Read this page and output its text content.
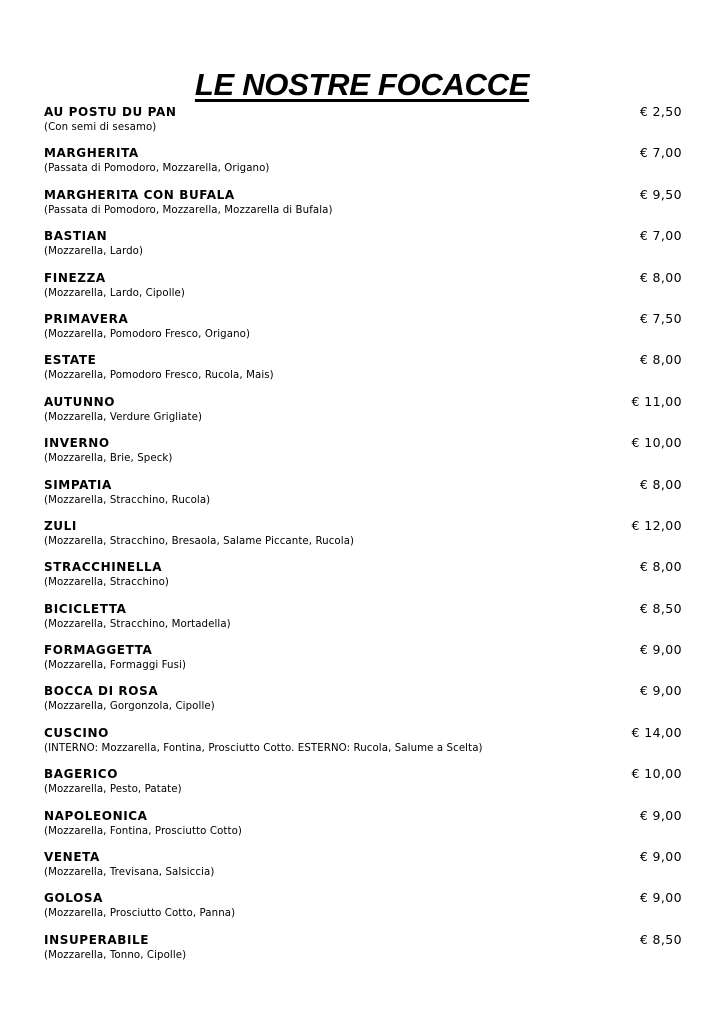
LE NOSTRE FOCACCE
AU POSTU DU PAN
(Con semi di sesamo)
€ 2,50
MARGHERITA
(Passata di Pomodoro, Mozzarella, Origano)
€ 7,00
MARGHERITA CON BUFALA
(Passata di Pomodoro, Mozzarella, Mozzarella di Bufala)
€ 9,50
BASTIAN
(Mozzarella, Lardo)
€ 7,00
FINEZZA
(Mozzarella, Lardo, Cipolle)
€ 8,00
PRIMAVERA
(Mozzarella, Pomodoro Fresco, Origano)
€ 7,50
ESTATE
(Mozzarella, Pomodoro Fresco, Rucola, Mais)
€ 8,00
AUTUNNO
(Mozzarella, Verdure Grigliate)
€ 11,00
INVERNO
(Mozzarella, Brie, Speck)
€ 10,00
SIMPATIA
(Mozzarella, Stracchino, Rucola)
€ 8,00
ZULI
(Mozzarella, Stracchino, Bresaola, Salame Piccante, Rucola)
€ 12,00
STRACCHINELLA
(Mozzarella, Stracchino)
€ 8,00
BICICLETTA
(Mozzarella, Stracchino, Mortadella)
€ 8,50
FORMAGGETTA
(Mozzarella, Formaggi Fusi)
€ 9,00
BOCCA DI ROSA
(Mozzarella, Gorgonzola, Cipolle)
€ 9,00
CUSCINO
(INTERNO: Mozzarella, Fontina, Prosciutto Cotto. ESTERNO: Rucola, Salume a Scelta)
€ 14,00
BAGERICO
(Mozzarella, Pesto, Patate)
€ 10,00
NAPOLEONICA
(Mozzarella, Fontina, Prosciutto Cotto)
€ 9,00
VENETA
(Mozzarella, Trevisana, Salsiccia)
€ 9,00
GOLOSA
(Mozzarella, Prosciutto Cotto, Panna)
€ 9,00
INSUPERABILE
(Mozzarella, Tonno, Cipolle)
€ 8,50
